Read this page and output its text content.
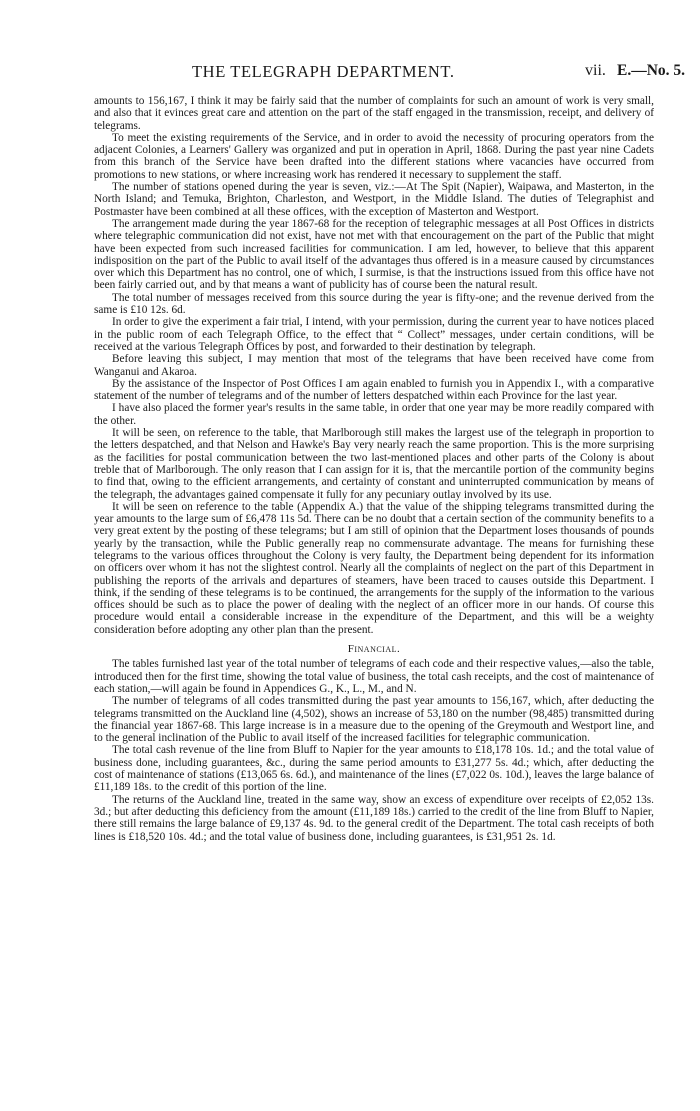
THE TELEGRAPH DEPARTMENT.	vii. E.—No. 5.

amounts to 156,167, I think it may be fairly said that the number of complaints for such an amount of work is very small, and also that it evinces great care and attention on the part of the staff engaged in the transmission, receipt, and delivery of telegrams.

To meet the existing requirements of the Service, and in order to avoid the necessity of procuring operators from the adjacent Colonies, a Learners' Gallery was organized and put in operation in April, 1868. During the past year nine Cadets from this branch of the Service have been drafted into the different stations where vacancies have occurred from promotions to new stations, or where increasing work has rendered it necessary to supplement the staff.

The number of stations opened during the year is seven, viz.:—At The Spit (Napier), Waipawa, and Masterton, in the North Island; and Temuka, Brighton, Charleston, and Westport, in the Middle Island. The duties of Telegraphist and Postmaster have been combined at all these offices, with the exception of Masterton and Westport.

The arrangement made during the year 1867-68 for the reception of telegraphic messages at all Post Offices in districts where telegraphic communication did not exist, have not met with that encouragement on the part of the Public that might have been expected from such increased facilities for communication. I am led, however, to believe that this apparent indisposition on the part of the Public to avail itself of the advantages thus offered is in a measure caused by circumstances over which this Department has no control, one of which, I surmise, is that the instructions issued from this office have not been fairly carried out, and by that means a want of publicity has of course been the natural result.

The total number of messages received from this source during the year is fifty-one; and the revenue derived from the same is £10 12s. 6d.

In order to give the experiment a fair trial, I intend, with your permission, during the current year to have notices placed in the public room of each Telegraph Office, to the effect that “ Collect” messages, under certain conditions, will be received at the various Telegraph Offices by post, and forwarded to their destination by telegraph.

Before leaving this subject, I may mention that most of the telegrams that have been received have come from Wanganui and Akaroa.

By the assistance of the Inspector of Post Offices I am again enabled to furnish you in Appendix I., with a comparative statement of the number of telegrams and of the number of letters despatched within each Province for the last year.

I have also placed the former year's results in the same table, in order that one year may be more readily compared with the other.

It will be seen, on reference to the table, that Marlborough still makes the largest use of the telegraph in proportion to the letters despatched, and that Nelson and Hawke's Bay very nearly reach the same proportion. This is the more surprising as the facilities for postal communication between the two last-mentioned places and other parts of the Colony is about treble that of Marlborough. The only reason that I can assign for it is, that the mercantile portion of the community begins to find that, owing to the efficient arrangements, and certainty of constant and uninterrupted communication by means of the telegraph, the advantages gained compensate it fully for any pecuniary outlay involved by its use.

It will be seen on reference to the table (Appendix A.) that the value of the shipping telegrams transmitted during the year amounts to the large sum of £6,478 11s 5d. There can be no doubt that a certain section of the community benefits to a very great extent by the posting of these telegrams; but I am still of opinion that the Department loses thousands of pounds yearly by the transaction, while the Public generally reap no commensurate advantage. The means for furnishing these telegrams to the various offices throughout the Colony is very faulty, the Department being dependent for its information on officers over whom it has not the slightest control. Nearly all the complaints of neglect on the part of this Department in publishing the reports of the arrivals and departures of steamers, have been traced to causes outside this Department. I think, if the sending of these telegrams is to be continued, the arrangements for the supply of the information to the various offices should be such as to place the power of dealing with the neglect of an officer more in our hands. Of course this procedure would entail a considerable increase in the expenditure of the Department, and this will be a weighty consideration before adopting any other plan than the present.

Financial.

The tables furnished last year of the total number of telegrams of each code and their respective values,—also the table, introduced then for the first time, showing the total value of business, the total cash receipts, and the cost of maintenance of each station,—will again be found in Appendices G., K., L., M., and N.

The number of telegrams of all codes transmitted during the past year amounts to 156,167, which, after deducting the telegrams transmitted on the Auckland line (4,502), shows an increase of 53,180 on the number (98,485) transmitted during the financial year 1867-68. This large increase is in a measure due to the opening of the Greymouth and Westport line, and to the general inclination of the Public to avail itself of the increased facilities for telegraphic communication.

The total cash revenue of the line from Bluff to Napier for the year amounts to £18,178 10s. 1d.; and the total value of business done, including guarantees, &c., during the same period amounts to £31,277 5s. 4d.; which, after deducting the cost of maintenance of stations (£13,065 6s. 6d.), and maintenance of the lines (£7,022 0s. 10d.), leaves the large balance of £11,189 18s. to the credit of this portion of the line.

The returns of the Auckland line, treated in the same way, show an excess of expenditure over receipts of £2,052 13s. 3d.; but after deducting this deficiency from the amount (£11,189 18s.) carried to the credit of the line from Bluff to Napier, there still remains the large balance of £9,137 4s. 9d. to the general credit of the Department. The total cash receipts of both lines is £18,520 10s. 4d.; and the total value of business done, including guarantees, is £31,951 2s. 1d.
